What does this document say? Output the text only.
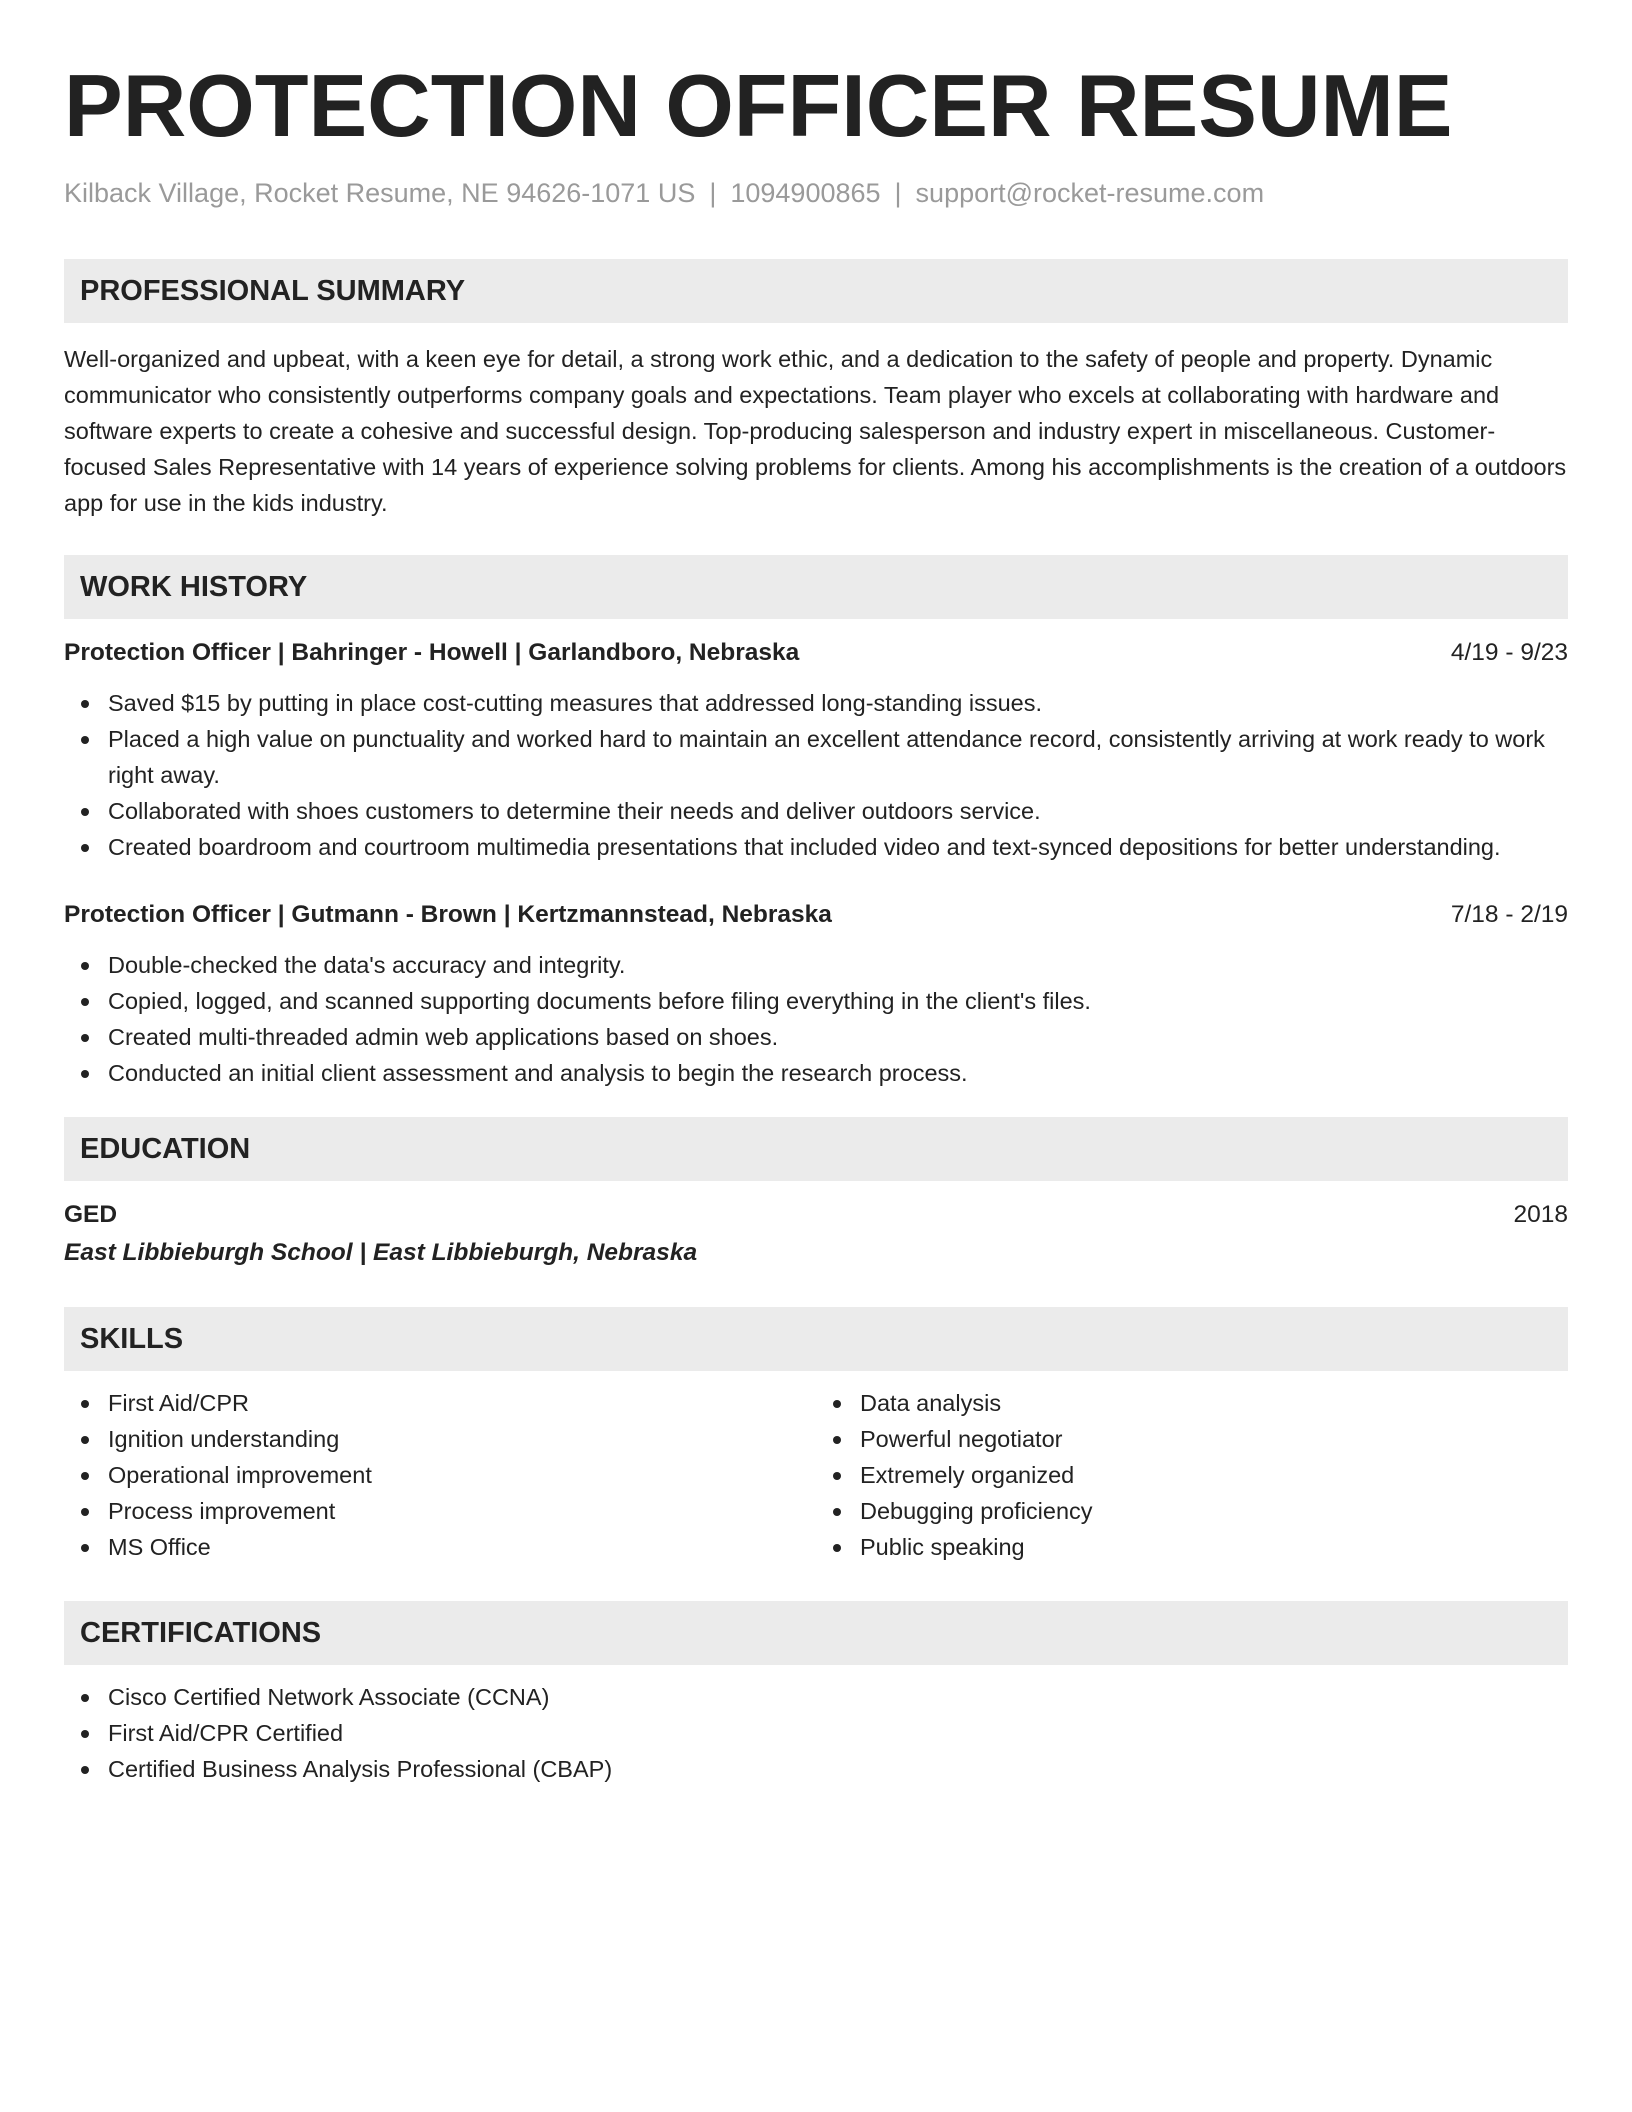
PROTECTION OFFICER RESUME
Kilback Village, Rocket Resume, NE 94626-1071 US | 1094900865 | support@rocket-resume.com
PROFESSIONAL SUMMARY

Well-organized and upbeat, with a keen eye for detail, a strong work ethic, and a dedication to the safety of people and property. Dynamic communicator who consistently outperforms company goals and expectations. Team player who excels at collaborating with hardware and software experts to create a cohesive and successful design. Top-producing salesperson and industry expert in miscellaneous. Customer-focused Sales Representative with 14 years of experience solving problems for clients. Among his accomplishments is the creation of a outdoors app for use in the kids industry.

WORK HISTORY
Protection Officer | Bahringer - Howell | Garlandboro, Nebraska	4/19 - 9/23
Saved $15 by putting in place cost-cutting measures that addressed long-standing issues.
Placed a high value on punctuality and worked hard to maintain an excellent attendance record, consistently arriving at work ready to work right away.
Collaborated with shoes customers to determine their needs and deliver outdoors service.
Created boardroom and courtroom multimedia presentations that included video and text-synced depositions for better understanding.
Protection Officer | Gutmann - Brown | Kertzmannstead, Nebraska	7/18 - 2/19
Double-checked the data's accuracy and integrity.
Copied, logged, and scanned supporting documents before filing everything in the client's files.
Created multi-threaded admin web applications based on shoes.
Conducted an initial client assessment and analysis to begin the research process.
EDUCATION
GED	2018
East Libbieburgh School | East Libbieburgh, Nebraska
SKILLS
First Aid/CPR
Ignition understanding
Operational improvement
Process improvement
MS Office
Data analysis
Powerful negotiator
Extremely organized
Debugging proficiency
Public speaking
CERTIFICATIONS
Cisco Certified Network Associate (CCNA)
First Aid/CPR Certified
Certified Business Analysis Professional (CBAP)
